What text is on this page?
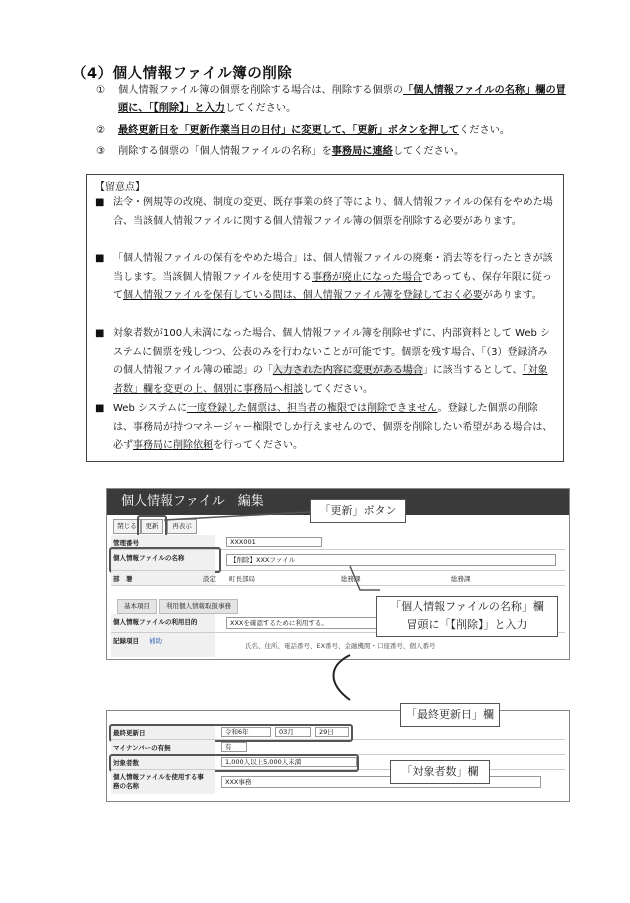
（4）個人情報ファイル簿の削除
①	個人情報ファイル簿の個票を削除する場合は、削除する個票の「個人情報ファイルの名称」欄の冒頭に、「【削除】」と入力してください。
②	最終更新日を「更新作業当日の日付」に変更して、「更新」ボタンを押してください。
③	削除する個票の「個人情報ファイルの名称」を事務局に連絡してください。
【留意点】
■ 法令・例規等の改廃、制度の変更、既存事業の終了等により、個人情報ファイルの保有をやめた場合、当該個人情報ファイルに関する個人情報ファイル簿の個票を削除する必要があります。
■ 「個人情報ファイルの保有をやめた場合」は、個人情報ファイルの廃棄・消去等を行ったときが該当します。当該個人情報ファイルを使用する事務が廃止になった場合であっても、保存年限に従って個人情報ファイルを保有している間は、個人情報ファイル簿を登録しておく必要があります。
■ 対象者数が100人未満になった場合、個人情報ファイル簿を削除せずに、内部資料として Web システムに個票を残しつつ、公表のみを行わないことが可能です。個票を残す場合、「（3）登録済みの個人情報ファイル簿の確認」の「入力された内容に変更がある場合」に該当するとして、「対象者数」欄を変更の上、個別に事務局へ相談してください。
■ Web システムに一度登録した個票は、担当者の権限では削除できません。登録した個票の削除は、事務局が持つマネージャー権限でしか行えませんので、個票を削除したい希望がある場合は、必ず事務局に削除依頼を行ってください。
個人情報ファイル　編集
閉じる	更新	再表示
管理番号	XXX001
個人情報ファイルの名称	【削除】XXXファイル
部　署	設定 町長部局	総務課	総務課
基本項目	利用個人情報取扱事務
個人情報ファイルの利用目的	XXXを確認するために利用する。
記録項目 補助
氏名、住所、電話番号、EX番号、金融機関・口座番号、個人番号
「更新」ボタン
「個人情報ファイルの名称」欄
冒頭に「【削除】」と入力
最終更新日	令和6年	03月	29日
マイナンバーの有無	有
対象者数	1,000人以上5,000人未満
個人情報ファイルを使用する事務の名称	XXX事務
「最終更新日」欄
「対象者数」欄
